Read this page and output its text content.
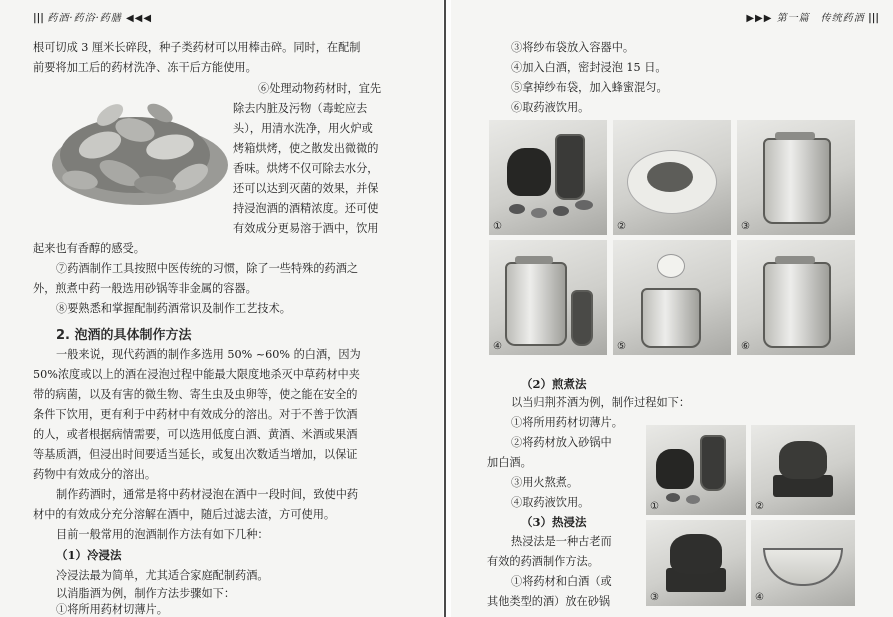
||| 药酒·药浴·药膳 ◀◀◀
根可切成 3 厘米长碎段，种子类药材可以用棒击碎。同时，在配制
前要将加工后的药材洗净、冻干后方能使用。
⑥处理动物药材时，宜先
除去内脏及污物（毒蛇应去
头），用清水洗净，用火炉或
烤箱烘烤，使之散发出微微的
香味。烘烤不仅可除去水分，
还可以达到灭菌的效果，并保
持浸泡酒的酒精浓度。还可使
有效成分更易溶于酒中，饮用
起来也有香醇的感受。
⑦药酒制作工具按照中医传统的习惯，除了一些特殊的药酒之
外，煎煮中药一般选用砂锅等非金属的容器。
⑧要熟悉和掌握配制药酒常识及制作工艺技术。
2. 泡酒的具体制作方法
一般来说，现代药酒的制作多选用 50% ~60% 的白酒，因为
50%浓度或以上的酒在浸泡过程中能最大限度地杀灭中草药材中夹
带的病菌，以及有害的微生物、寄生虫及虫卵等，使之能在安全的
条件下饮用，更有利于中药材中有效成分的溶出。对于不善于饮酒
的人，或者根据病情需要，可以选用低度白酒、黄酒、米酒或果酒
等基质酒，但浸出时间要适当延长，或复出次数适当增加，以保证
药物中有效成分的溶出。
制作药酒时，通常是将中药材浸泡在酒中一段时间，致使中药
材中的有效成分充分溶解在酒中，随后过滤去渣，方可使用。
目前一般常用的泡酒制作方法有如下几种：
（1）冷浸法
冷浸法最为简单，尤其适合家庭配制药酒。
以消脂酒为例，制作方法步骤如下：
①将所用药材切薄片。
▶▶▶ 第一篇　传统药酒 |||
③将纱布袋放入容器中。
④加入白酒，密封浸泡 15 日。
⑤拿掉纱布袋，加入蜂蜜混匀。
⑥取药液饮用。
①	②	③
④	⑤	⑥
（2）煎煮法
以当归荆芥酒为例，制作过程如下：
①将所用药材切薄片。
②将药材放入砂锅中
加白酒。
③用火熬煮。
④取药液饮用。
（3）热浸法
热浸法是一种古老而
有效的药酒制作方法。
①将药材和白酒（或
其他类型的酒）放在砂锅
①	②
③	④
